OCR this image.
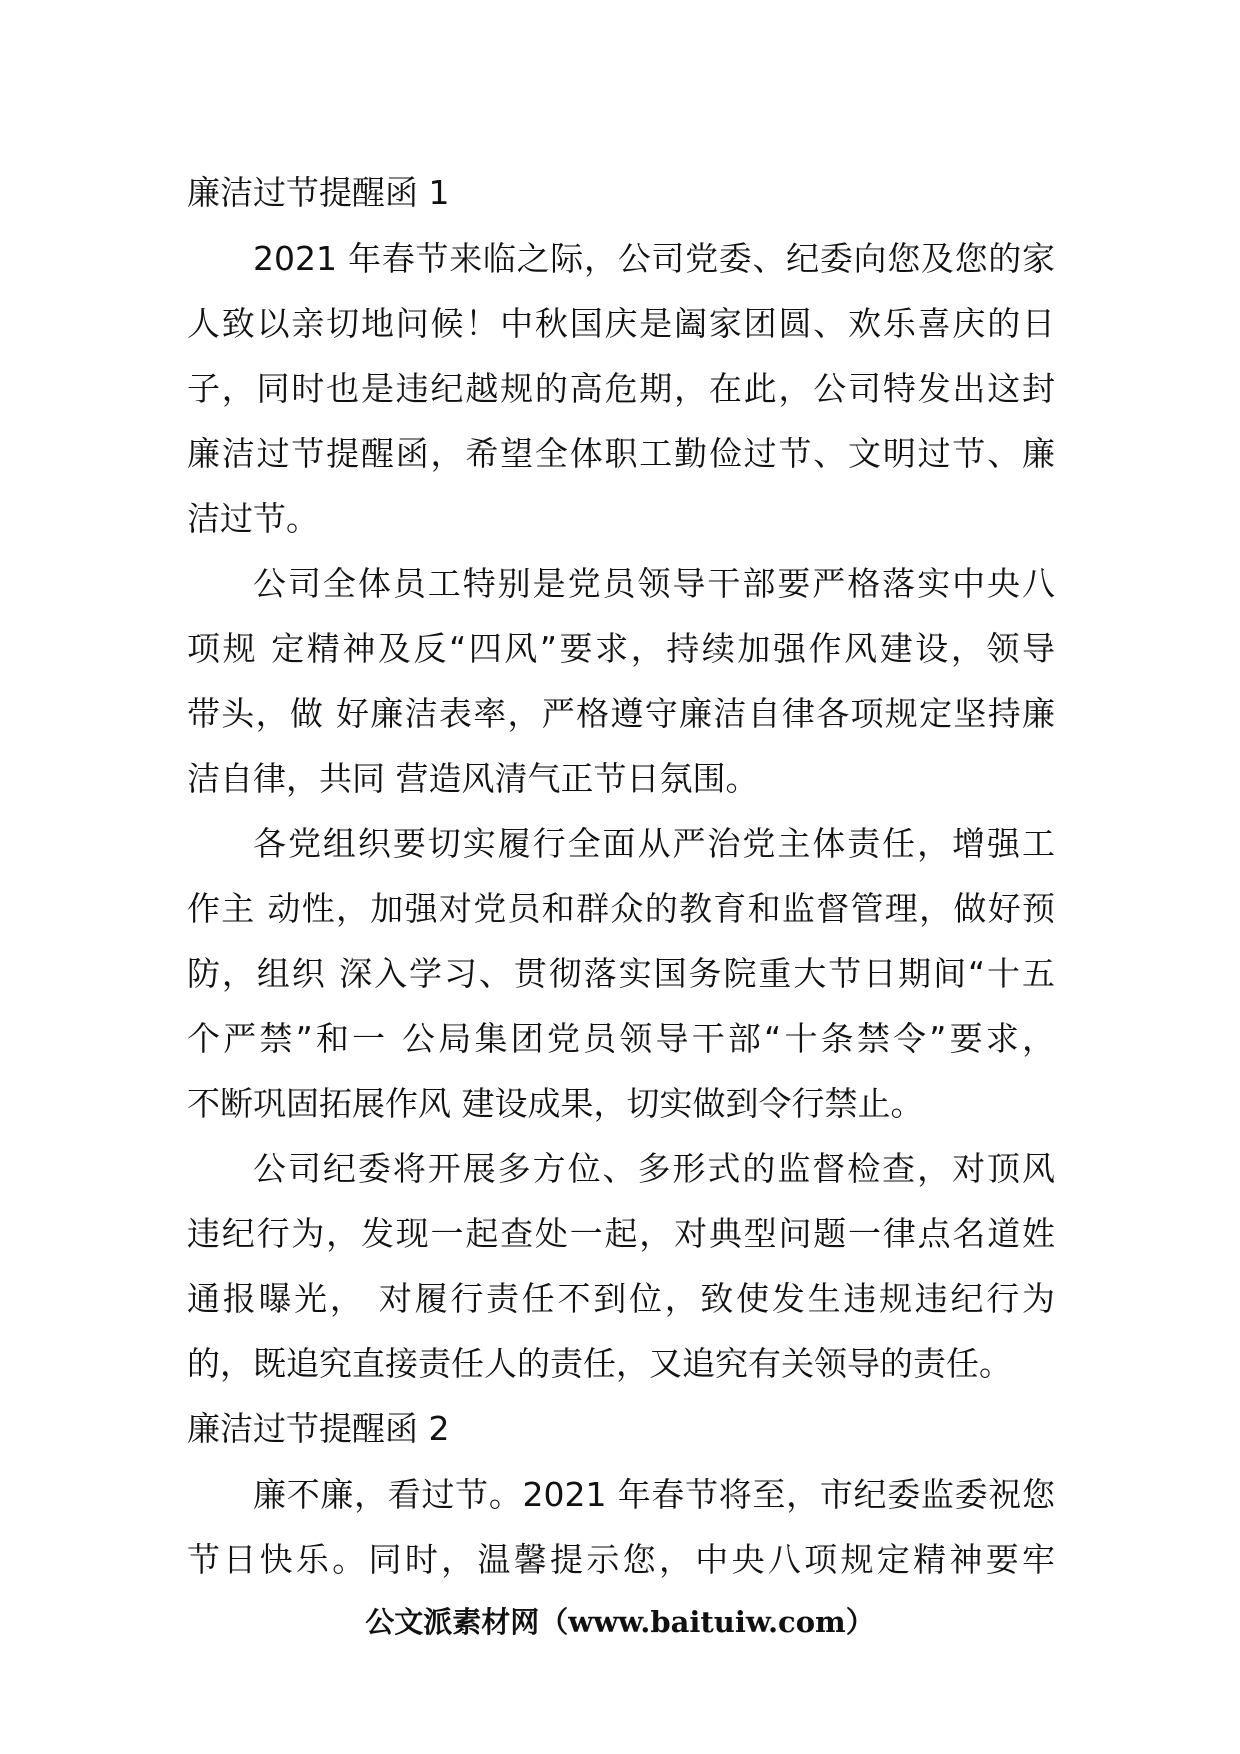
廉洁过节提醒函 1

2021 年春节来临之际，公司党委、纪委向您及您的家
人致以亲切地问候！中秋国庆是阖家团圆、欢乐喜庆的日
子，同时也是违纪越规的高危期，在此，公司特发出这封
廉洁过节提醒函，希望全体职工勤俭过节、文明过节、廉
洁过节。

公司全体员工特别是党员领导干部要严格落实中央八
项规 定精神及反“四风”要求，持续加强作风建设，领导
带头，做 好廉洁表率，严格遵守廉洁自律各项规定坚持廉
洁自律，共同 营造风清气正节日氛围。

各党组织要切实履行全面从严治党主体责任，增强工
作主 动性，加强对党员和群众的教育和监督管理，做好预
防，组织 深入学习、贯彻落实国务院重大节日期间“十五
个严禁”和一 公局集团党员领导干部“十条禁令”要求，
不断巩固拓展作风 建设成果，切实做到令行禁止。

公司纪委将开展多方位、多形式的监督检查，对顶风
违纪行为，发现一起查处一起，对典型问题一律点名道姓
通报曝光， 对履行责任不到位，致使发生违规违纪行为
的，既追究直接责任人的责任，又追究有关领导的责任。

廉洁过节提醒函 2

廉不廉，看过节。2021 年春节将至，市纪委监委祝您
节日快乐。同时，温馨提示您，中央八项规定精神要牢

公文派素材网（www.baituiw.com）
